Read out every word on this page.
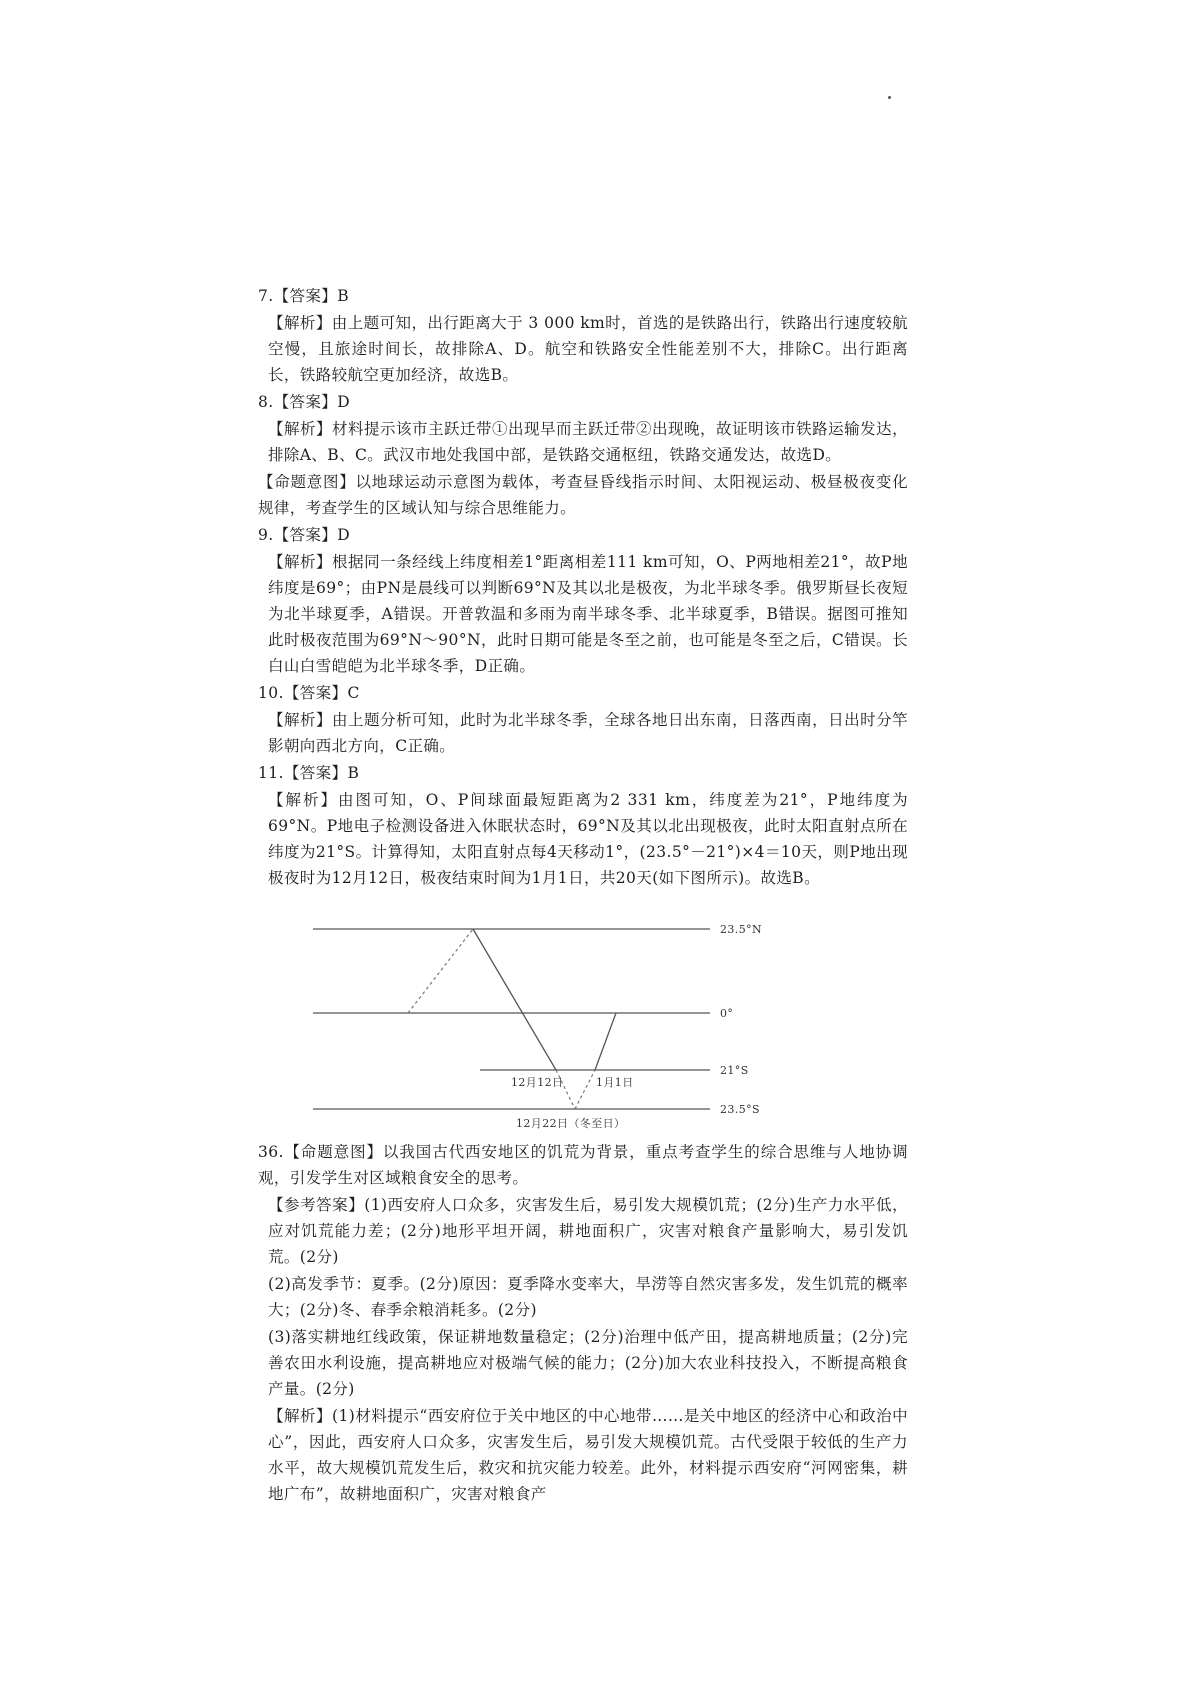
7.【答案】B

【解析】由上题可知，出行距离大于 3 000 km时，首选的是铁路出行，铁路出行速度较航空慢，且旅途时间长，故排除A、D。航空和铁路安全性能差别不大，排除C。出行距离长，铁路较航空更加经济，故选B。

8.【答案】D

【解析】材料提示该市主跃迁带①出现早而主跃迁带②出现晚，故证明该市铁路运输发达，排除A、B、C。武汉市地处我国中部，是铁路交通枢纽，铁路交通发达，故选D。

【命题意图】以地球运动示意图为载体，考查昼昏线指示时间、太阳视运动、极昼极夜变化规律，考查学生的区域认知与综合思维能力。

9.【答案】D

【解析】根据同一条经线上纬度相差1°距离相差111 km可知，O、P两地相差21°，故P地纬度是69°；由PN是晨线可以判断69°N及其以北是极夜，为北半球冬季。俄罗斯昼长夜短为北半球夏季，A错误。开普敦温和多雨为南半球冬季、北半球夏季，B错误。据图可推知此时极夜范围为69°N～90°N，此时日期可能是冬至之前，也可能是冬至之后，C错误。长白山白雪皑皑为北半球冬季，D正确。

10.【答案】C

【解析】由上题分析可知，此时为北半球冬季，全球各地日出东南，日落西南，日出时分竿影朝向西北方向，C正确。

11.【答案】B

【解析】由图可知，O、P间球面最短距离为2 331 km，纬度差为21°，P地纬度为69°N。P地电子检测设备进入休眠状态时，69°N及其以北出现极夜，此时太阳直射点所在纬度为21°S。计算得知，太阳直射点每4天移动1°，(23.5°－21°)×4＝10天，则P地出现极夜时为12月12日，极夜结束时间为1月1日，共20天(如下图所示)。故选B。

23.5°N
0°
21°S
23.5°S
12月12日	1月1日
12月22日（冬至日）

36.【命题意图】以我国古代西安地区的饥荒为背景，重点考查学生的综合思维与人地协调观，引发学生对区域粮食安全的思考。

【参考答案】(1)西安府人口众多，灾害发生后，易引发大规模饥荒；(2分)生产力水平低，应对饥荒能力差；(2分)地形平坦开阔，耕地面积广，灾害对粮食产量影响大，易引发饥荒。(2分)

(2)高发季节：夏季。(2分)原因：夏季降水变率大，旱涝等自然灾害多发，发生饥荒的概率大；(2分)冬、春季余粮消耗多。(2分)

(3)落实耕地红线政策，保证耕地数量稳定；(2分)治理中低产田，提高耕地质量；(2分)完善农田水利设施，提高耕地应对极端气候的能力；(2分)加大农业科技投入，不断提高粮食产量。(2分)

【解析】(1)材料提示“西安府位于关中地区的中心地带……是关中地区的经济中心和政治中心”，因此，西安府人口众多，灾害发生后，易引发大规模饥荒。古代受限于较低的生产力水平，故大规模饥荒发生后，救灾和抗灾能力较差。此外，材料提示西安府“河网密集，耕地广布”，故耕地面积广，灾害对粮食产
